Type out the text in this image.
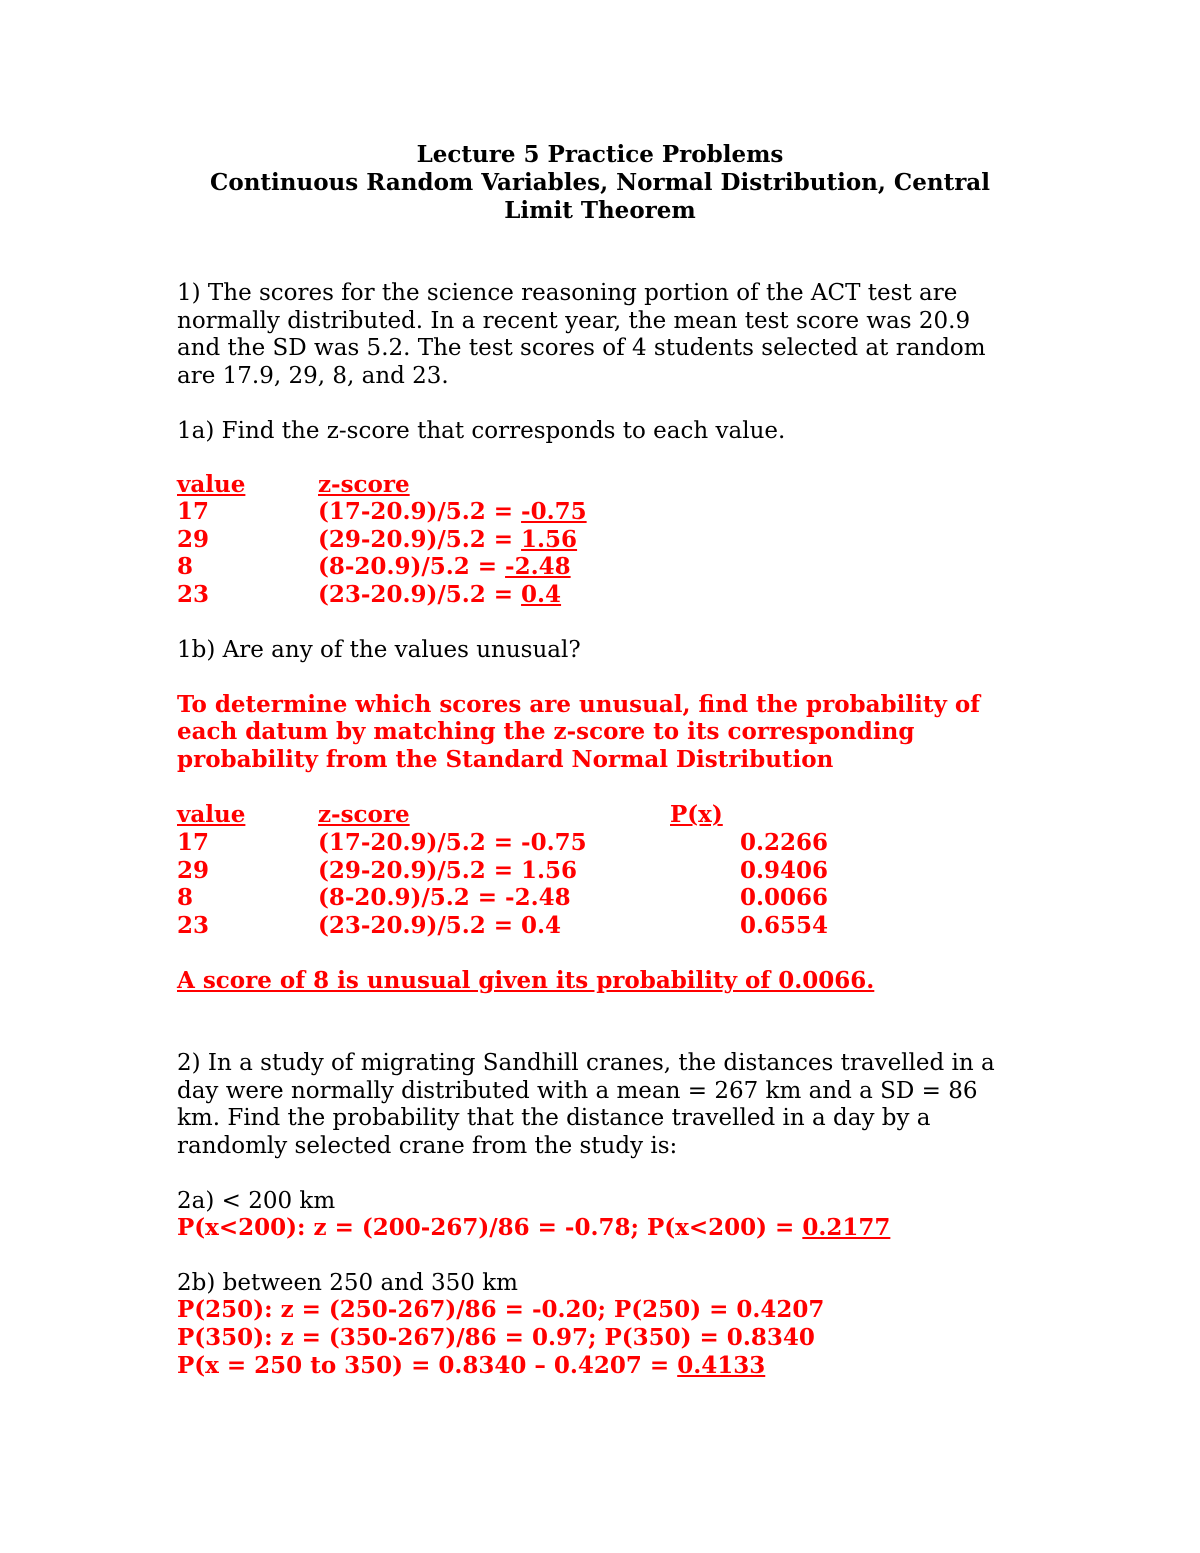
Lecture 5 Practice Problems
Continuous Random Variables, Normal Distribution, Central
Limit Theorem
1) The scores for the science reasoning portion of the ACT test are
normally distributed. In a recent year, the mean test score was 20.9
and the SD was 5.2. The test scores of 4 students selected at random
are 17.9, 29, 8, and 23.
1a) Find the z-score that corresponds to each value.
value	z-score
17	(17-20.9)/5.2 = -0.75
29	(29-20.9)/5.2 = 1.56
8	(8-20.9)/5.2 = -2.48
23	(23-20.9)/5.2 = 0.4
1b) Are any of the values unusual?
To determine which scores are unusual, find the probability of
each datum by matching the z-score to its corresponding
probability from the Standard Normal Distribution
value	z-score	P(x)
17	(17-20.9)/5.2 = -0.75	0.2266
29	(29-20.9)/5.2 = 1.56	0.9406
8	(8-20.9)/5.2 = -2.48	0.0066
23	(23-20.9)/5.2 = 0.4	0.6554
A score of 8 is unusual given its probability of 0.0066.
2) In a study of migrating Sandhill cranes, the distances travelled in a
day were normally distributed with a mean = 267 km and a SD = 86
km. Find the probability that the distance travelled in a day by a
randomly selected crane from the study is:
2a) < 200 km
P(x<200): z = (200-267)/86 = -0.78; P(x<200) = 0.2177
2b) between 250 and 350 km
P(250): z = (250-267)/86 = -0.20; P(250) = 0.4207
P(350): z = (350-267)/86 = 0.97; P(350) = 0.8340
P(x = 250 to 350) = 0.8340 – 0.4207 = 0.4133
